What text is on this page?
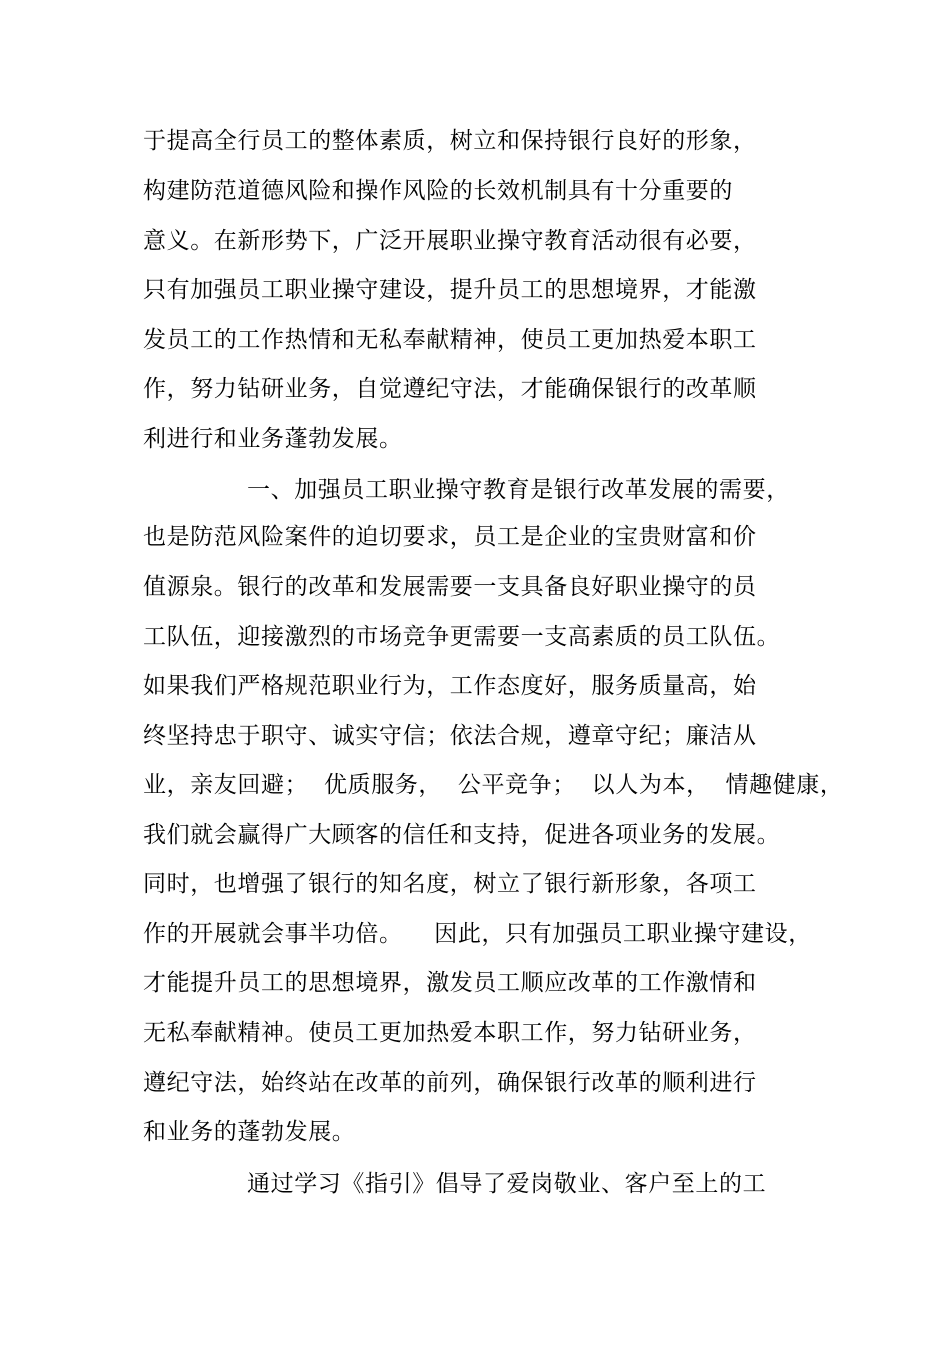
于提高全行员工的整体素质，树立和保持银行良好的形象，
构建防范道德风险和操作风险的长效机制具有十分重要的
意义。在新形势下，广泛开展职业操守教育活动很有必要，
只有加强员工职业操守建设，提升员工的思想境界，才能激
发员工的工作热情和无私奉献精神，使员工更加热爱本职工
作，努力钻研业务，自觉遵纪守法，才能确保银行的改革顺
利进行和业务蓬勃发展。
一、加强员工职业操守教育是银行改革发展的需要，
也是防范风险案件的迫切要求，员工是企业的宝贵财富和价
值源泉。银行的改革和发展需要一支具备良好职业操守的员
工队伍，迎接激烈的市场竞争更需要一支高素质的员工队伍。
如果我们严格规范职业行为，工作态度好，服务质量高，始
终坚持忠于职守、诚实守信；依法合规，遵章守纪；廉洁从
业，亲友回避；  优质服务，  公平竞争；  以人为本，  情趣健康，
我们就会赢得广大顾客的信任和支持，促进各项业务的发展。
同时，也增强了银行的知名度，树立了银行新形象，各项工
作的开展就会事半功倍。    因此，只有加强员工职业操守建设，
才能提升员工的思想境界，激发员工顺应改革的工作激情和
无私奉献精神。使员工更加热爱本职工作，努力钻研业务，
遵纪守法，始终站在改革的前列，确保银行改革的顺利进行
和业务的蓬勃发展。
通过学习《指引》倡导了爱岗敬业、客户至上的工
